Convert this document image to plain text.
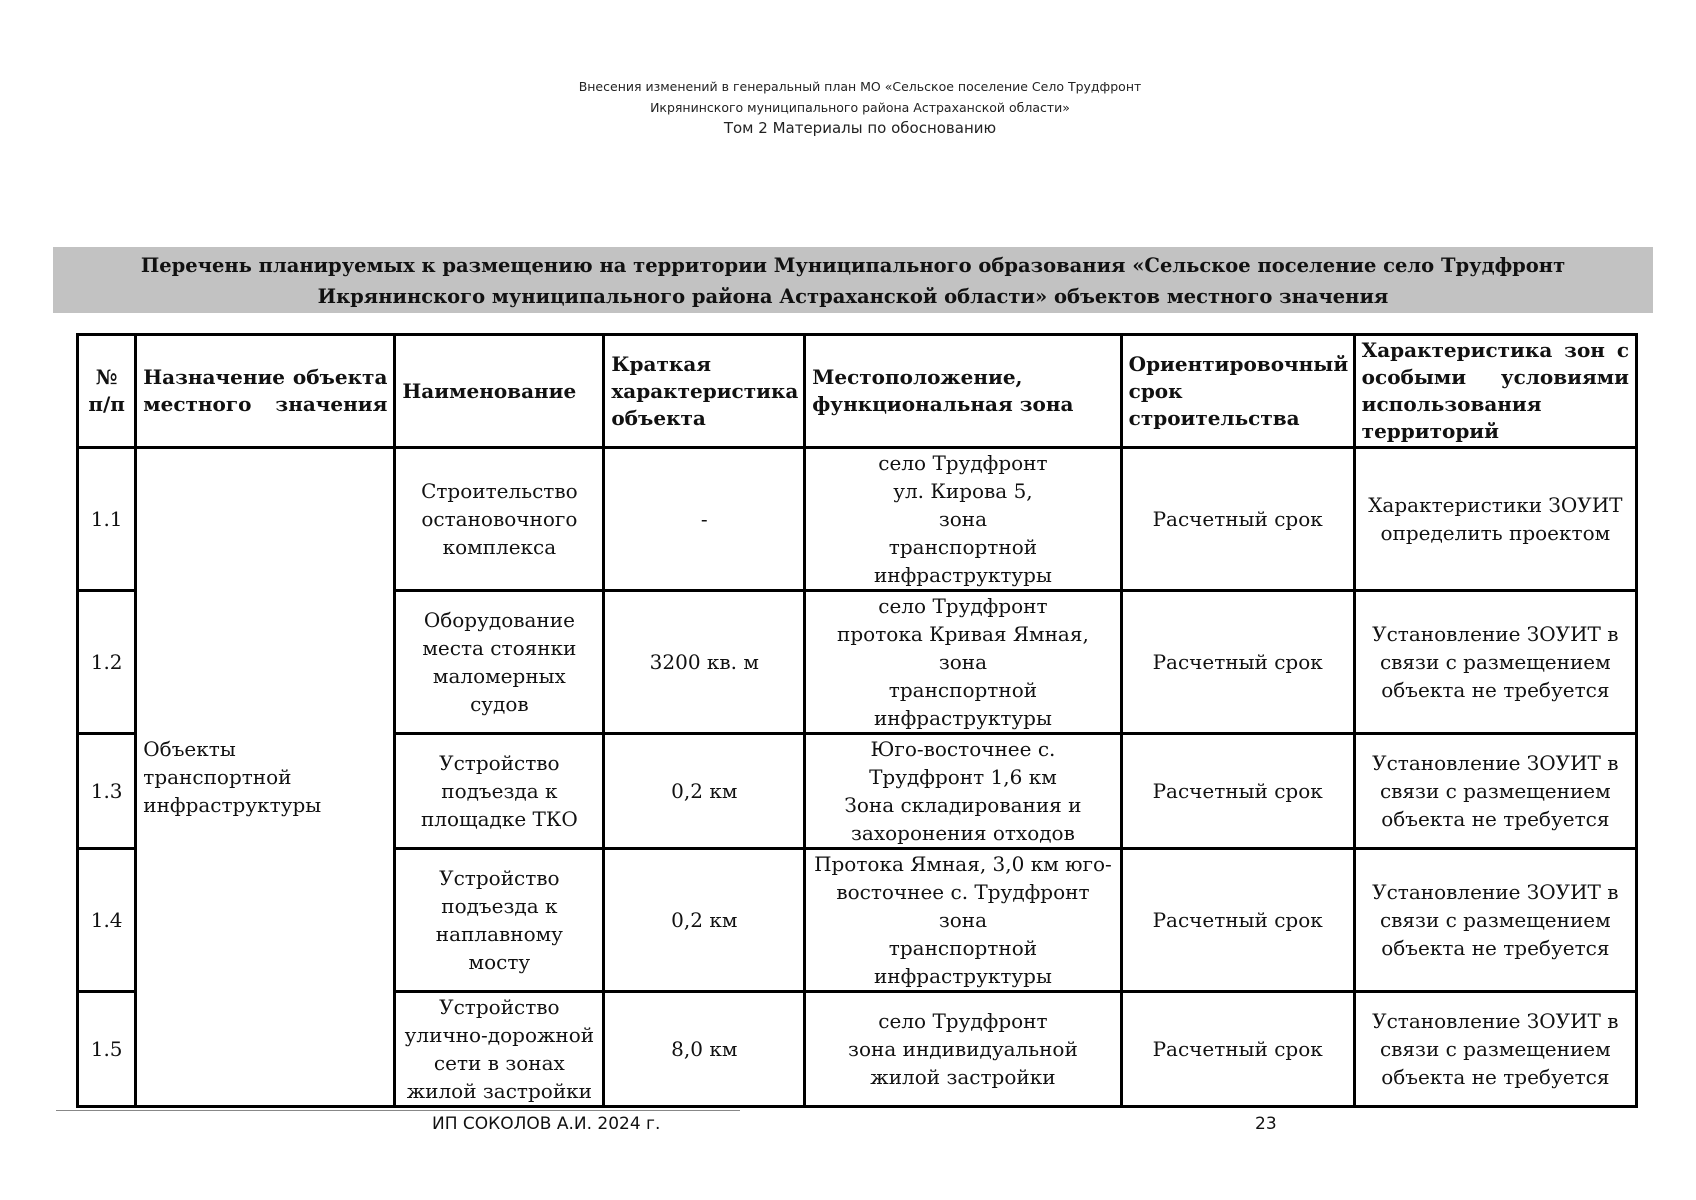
Внесения изменений в генеральный план МО «Сельское поселение Село Трудфронт
Икрянинского муниципального района Астраханской области»
Том 2 Материалы по обоснованию
Перечень планируемых к размещению на территории Муниципального образования «Сельское поселение село Трудфронт
Икрянинского муниципального района Астраханской области» объектов местного значения
№ п/п	Назначение объекта местного значения	Наименование	Краткая характеристика объекта	Местоположение, функциональная зона	Ориентировочный срок строительства	Характеристика зон с особыми условиями использования территорий
1.1	Объекты транспортной инфраструктуры	Строительство остановочного комплекса	-	село Трудфронт
ул. Кирова 5,
зона
транспортной
инфраструктуры	Расчетный срок	Характеристики ЗОУИТ определить проектом
1.2		Оборудование места стоянки маломерных судов	3200 кв. м	село Трудфронт
протока Кривая Ямная,
зона
транспортной
инфраструктуры	Расчетный срок	Установление ЗОУИТ в связи с размещением объекта не требуется
1.3		Устройство подъезда к площадке ТКО	0,2 км	Юго-восточнее с.
Трудфронт 1,6 км
Зона складирования и
захоронения отходов	Расчетный срок	Установление ЗОУИТ в связи с размещением объекта не требуется
1.4		Устройство подъезда к наплавному мосту	0,2 км	Протока Ямная, 3,0 км юго-
восточнее с. Трудфронт
зона
транспортной
инфраструктуры	Расчетный срок	Установление ЗОУИТ в связи с размещением объекта не требуется
1.5		Устройство улично-дорожной сети в зонах жилой застройки	8,0 км	село Трудфронт
зона индивидуальной
жилой застройки	Расчетный срок	Установление ЗОУИТ в связи с размещением объекта не требуется
ИП СОКОЛОВ А.И. 2024 г.	23
